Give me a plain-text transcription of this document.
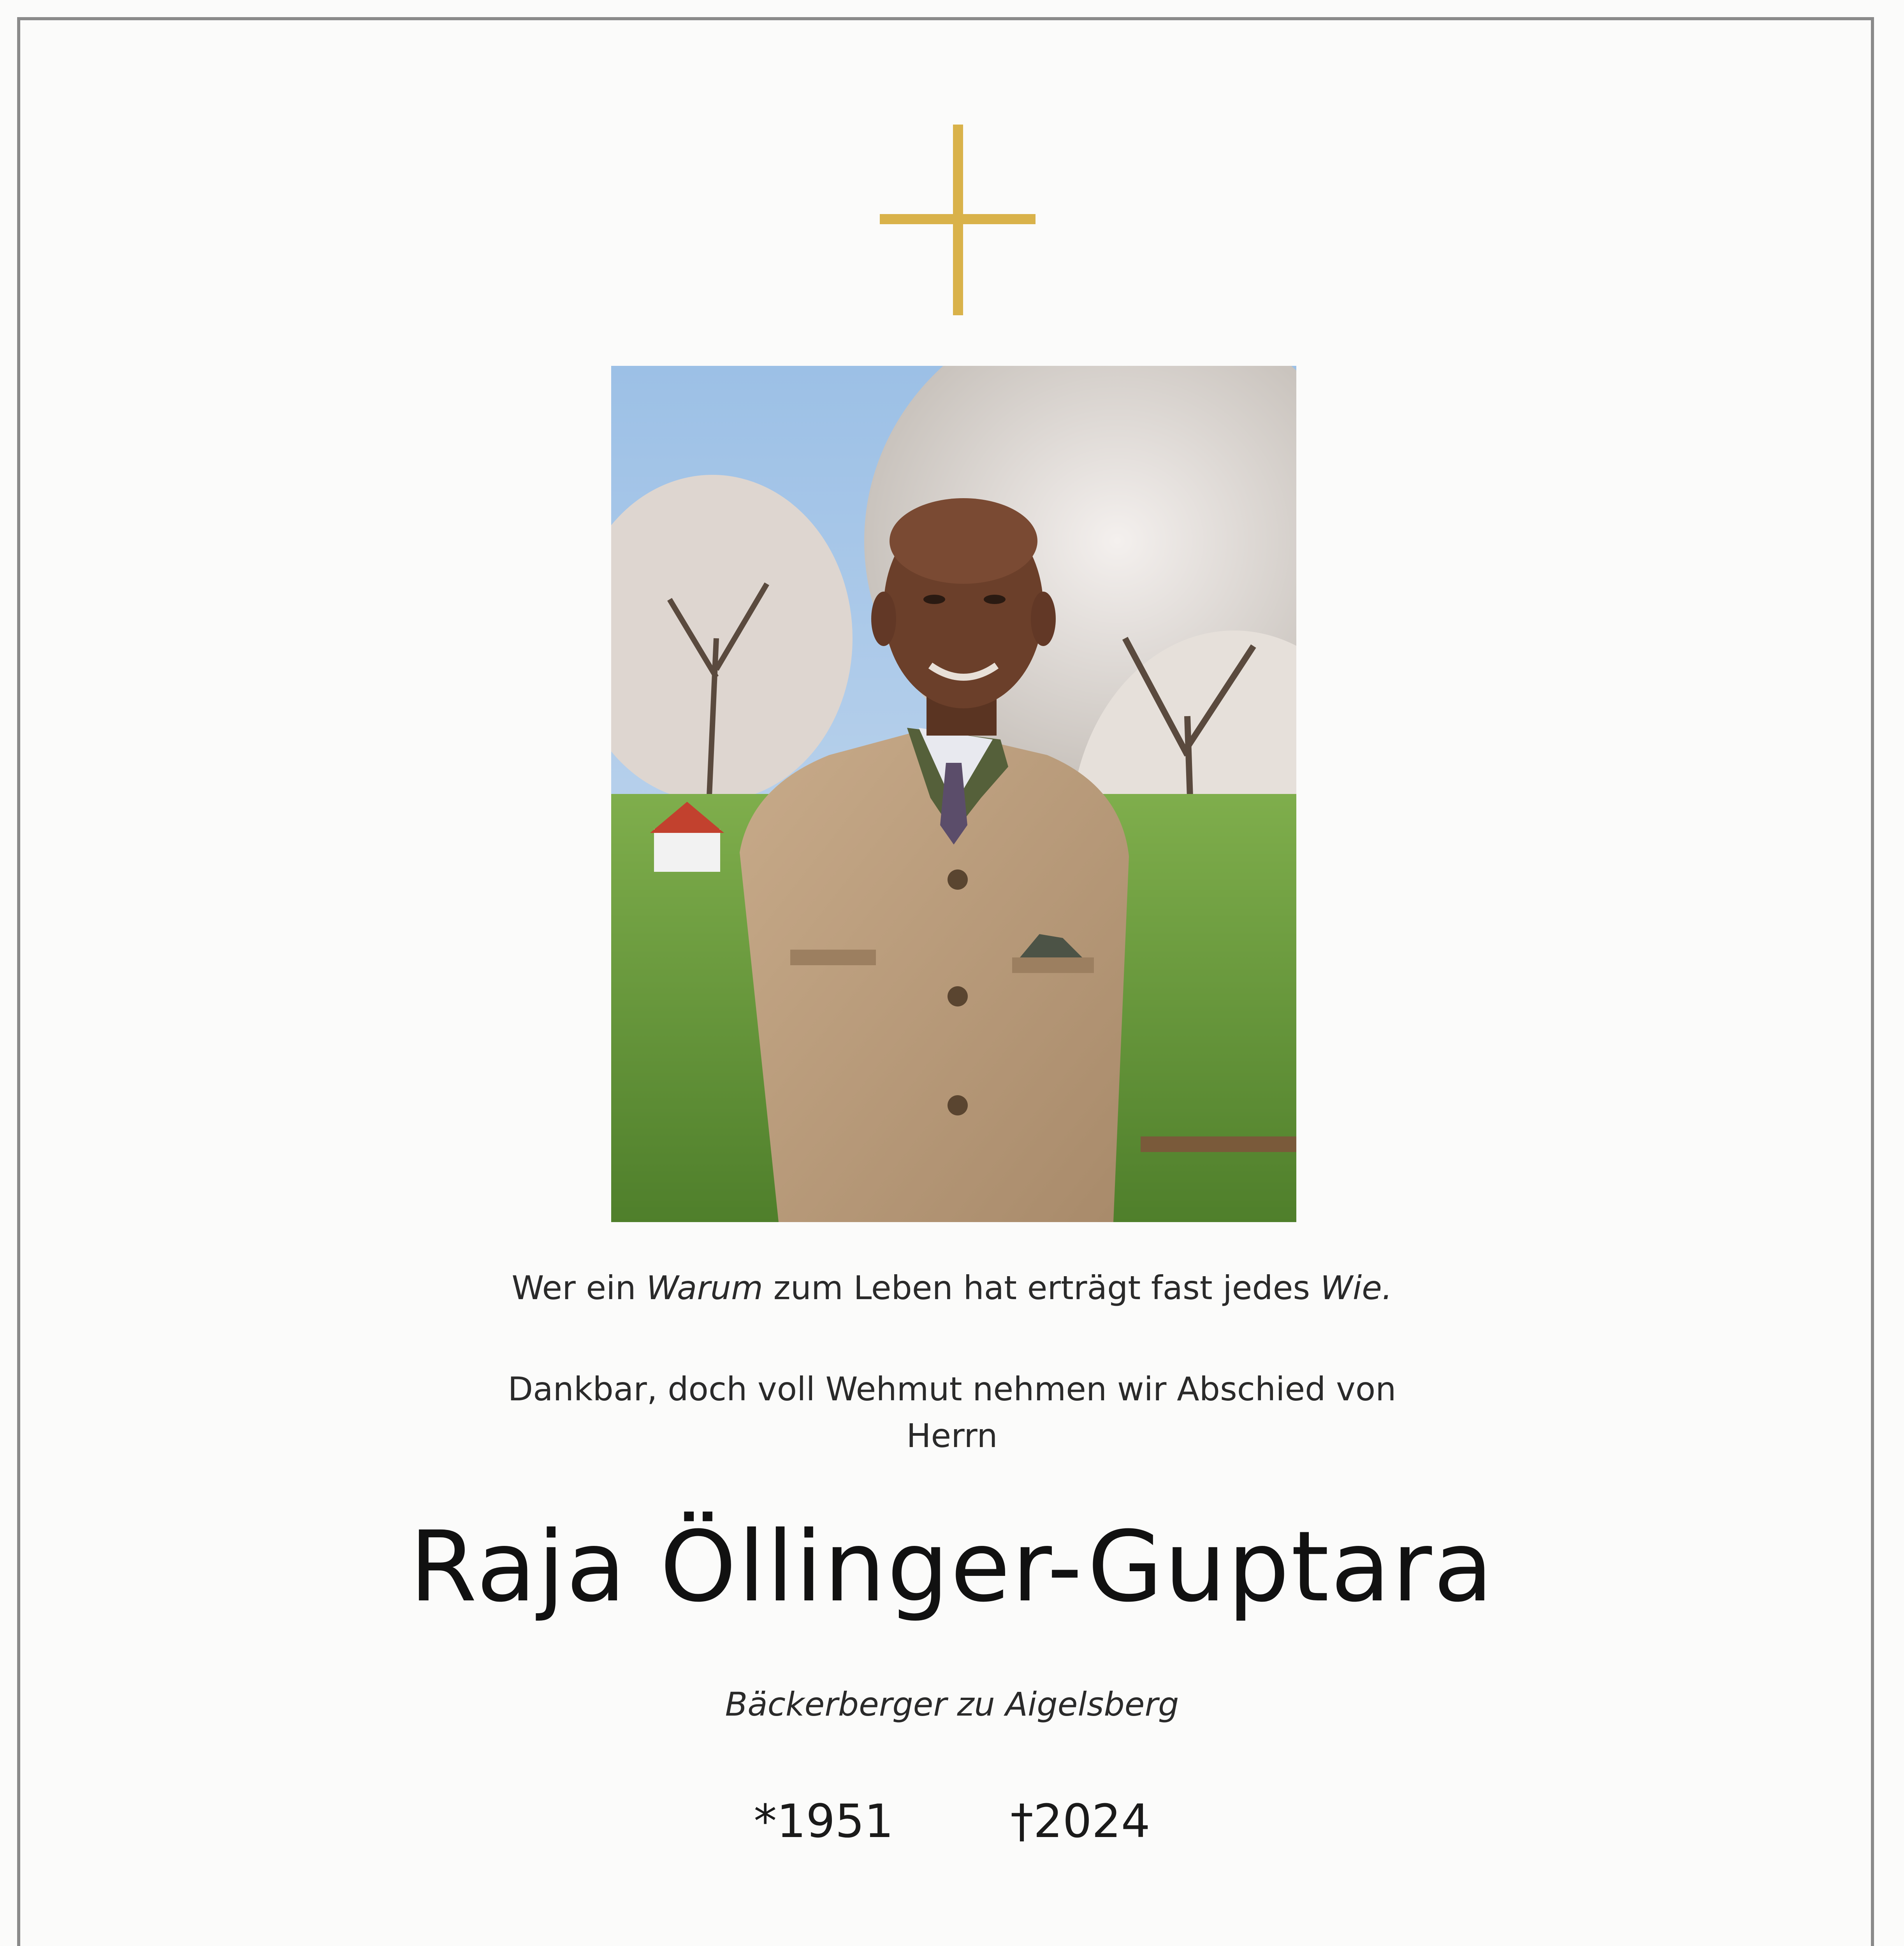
Wer ein Warum zum Leben hat erträgt fast jedes Wie.
Dankbar, doch voll Wehmut nehmen wir Abschied von
Herrn
Raja Öllinger-Guptara
Bäckerberger zu Aigelsberg
*1951	†2024
